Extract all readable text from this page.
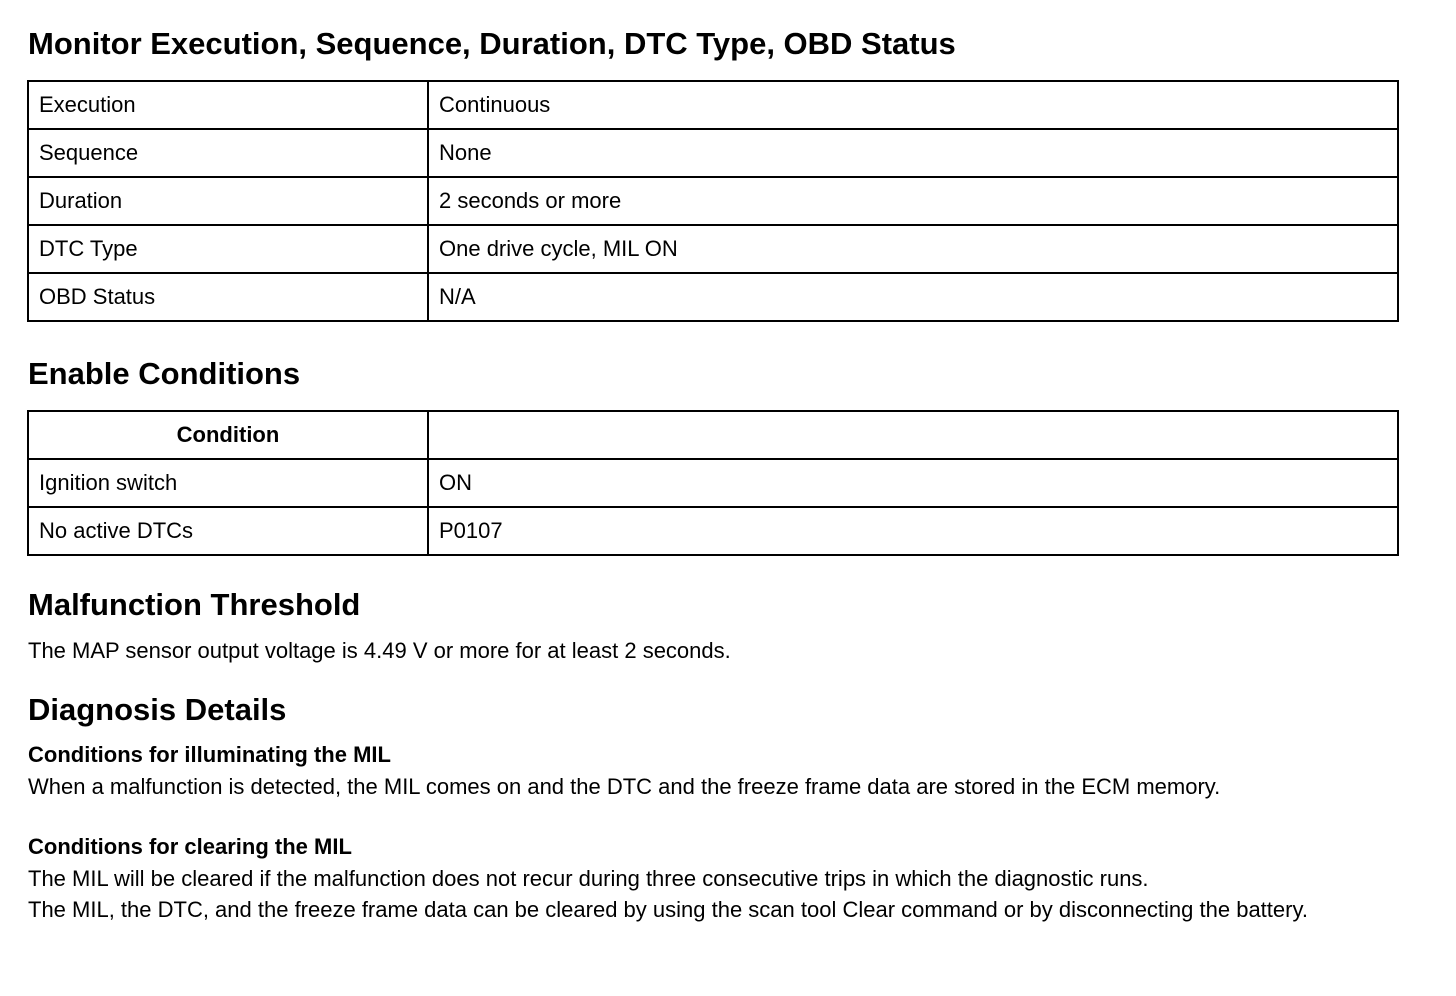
Monitor Execution, Sequence, Duration, DTC Type, OBD Status
Execution	Continuous
Sequence	None
Duration	2 seconds or more
DTC Type	One drive cycle, MIL ON
OBD Status	N/A
Enable Conditions
Condition	
Ignition switch	ON
No active DTCs	P0107
Malfunction Threshold

The MAP sensor output voltage is 4.49 V or more for at least 2 seconds.

Diagnosis Details

Conditions for illuminating the MIL

When a malfunction is detected, the MIL comes on and the DTC and the freeze frame data are stored in the ECM memory.

Conditions for clearing the MIL

The MIL will be cleared if the malfunction does not recur during three consecutive trips in which the diagnostic runs.

The MIL, the DTC, and the freeze frame data can be cleared by using the scan tool Clear command or by disconnecting the battery.
